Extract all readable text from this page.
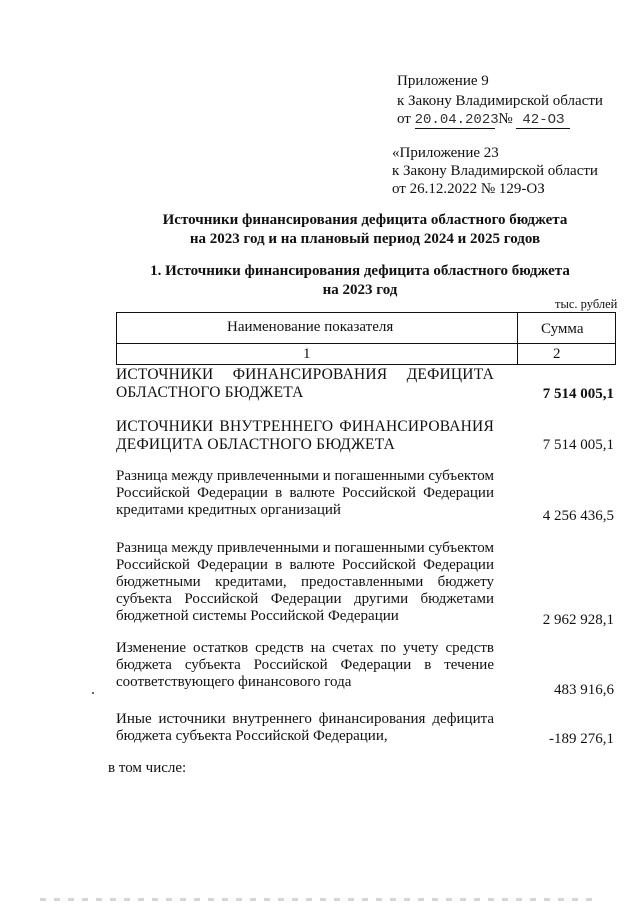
Приложение 9
к Закону Владимирской области
от 20.04.2023 № 42-ОЗ
«Приложение 23
к Закону Владимирской области
от 26.12.2022 № 129-ОЗ
Источники финансирования дефицита областного бюджета
на 2023 год и на плановый период 2024 и 2025 годов
1. Источники финансирования дефицита областного бюджета
на 2023 год
тыс. рублей
Наименование показателя	Сумма
1	2
ИСТОЧНИКИ ФИНАНСИРОВАНИЯ ДЕФИЦИТА ОБЛАСТНОГО БЮДЖЕТА	7 514 005,1
ИСТОЧНИКИ ВНУТРЕННЕГО ФИНАНСИРОВАНИЯ ДЕФИЦИТА ОБЛАСТНОГО БЮДЖЕТА	7 514 005,1
Разница между привлеченными и погашенными субъектом Российской Федерации в валюте Российской Федерации кредитами кредитных организаций	4 256 436,5
Разница между привлеченными и погашенными субъектом Российской Федерации в валюте Российской Федерации бюджетными кредитами, предоставленными бюджету субъекта Российской Федерации другими бюджетами бюджетной системы Российской Федерации	2 962 928,1
Изменение остатков средств на счетах по учету средств бюджета субъекта Российской Федерации в течение соответствующего финансового года	483 916,6
Иные источники внутреннего финансирования дефицита бюджета субъекта Российской Федерации,	-189 276,1
в том числе:
